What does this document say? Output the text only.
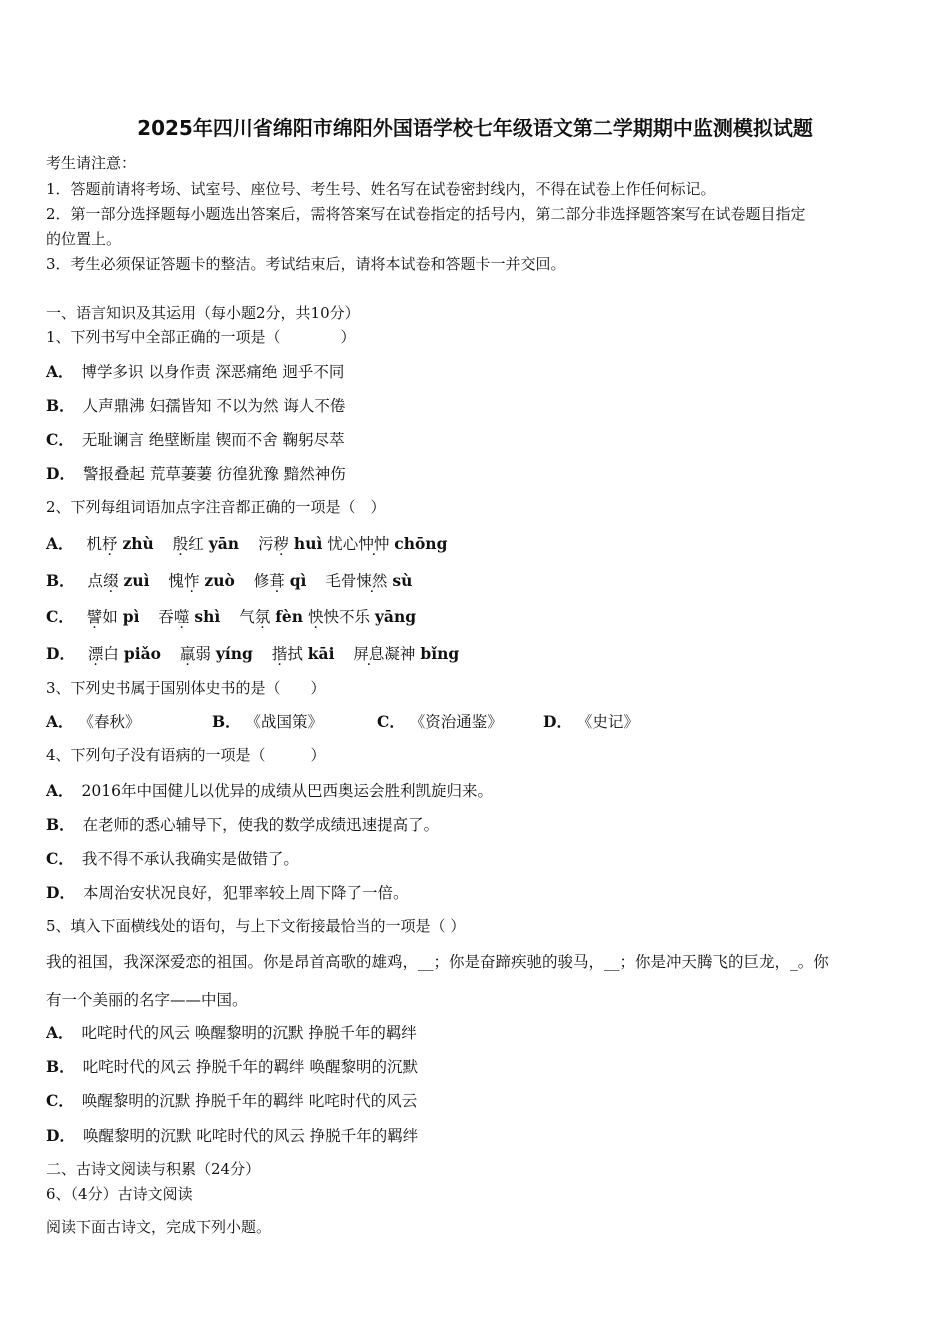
2025年四川省绵阳市绵阳外国语学校七年级语文第二学期期中监测模拟试题
考生请注意：
1．答题前请将考场、试室号、座位号、考生号、姓名写在试卷密封线内，不得在试卷上作任何标记。
2．第一部分选择题每小题选出答案后，需将答案写在试卷指定的括号内，第二部分非选择题答案写在试卷题目指定
的位置上。
3．考生必须保证答题卡的整洁。考试结束后，请将本试卷和答题卡一并交回。
一、语言知识及其运用（每小题2分，共10分）
1、下列书写中全部正确的一项是（　　　　）
A． 博学多识 以身作责 深恶痛绝 迥乎不同
B． 人声鼎沸 妇孺皆知 不以为然 诲人不倦
C． 无耻谰言 绝壁断崖 锲而不舍 鞠躬尽萃
D． 警报叠起 荒草萋萋 彷徨犹豫 黯然神伤
2、下列每组词语加点字注音都正确的一项是（　）
A． 机杼 zhù 殷红 yān 污秽 huì 忧心忡忡 chōng
B． 点缀 zuì 愧怍 zuò 修葺 qì 毛骨悚然 sù
C． 譬如 pì 吞噬 shì 气氛 fèn 怏怏不乐 yāng
D． 漂白 piǎo 羸弱 yíng 揩拭 kāi 屏息凝神 bǐng
3、下列史书属于国别体史书的是（　　）
A． 《春秋》	B． 《战国策》	C． 《资治通鉴》	D． 《史记》
4、下列句子没有语病的一项是（　　　）
A． 2016年中国健儿以优异的成绩从巴西奥运会胜利凯旋归来。
B． 在老师的悉心辅导下，使我的数学成绩迅速提高了。
C． 我不得不承认我确实是做错了。
D． 本周治安状况良好，犯罪率较上周下降了一倍。
5、填入下面横线处的语句，与上下文衔接最恰当的一项是（ ）
我的祖国，我深深爱恋的祖国。你是昂首高歌的雄鸡，__；你是奋蹄疾驰的骏马，__；你是冲天腾飞的巨龙，_。你
有一个美丽的名字——中国。
A． 叱咤时代的风云 唤醒黎明的沉默 挣脱千年的羁绊
B． 叱咤时代的风云 挣脱千年的羁绊 唤醒黎明的沉默
C． 唤醒黎明的沉默 挣脱千年的羁绊 叱咤时代的风云
D． 唤醒黎明的沉默 叱咤时代的风云 挣脱千年的羁绊
二、古诗文阅读与积累（24分）
6、（4分）古诗文阅读
阅读下面古诗文，完成下列小题。
